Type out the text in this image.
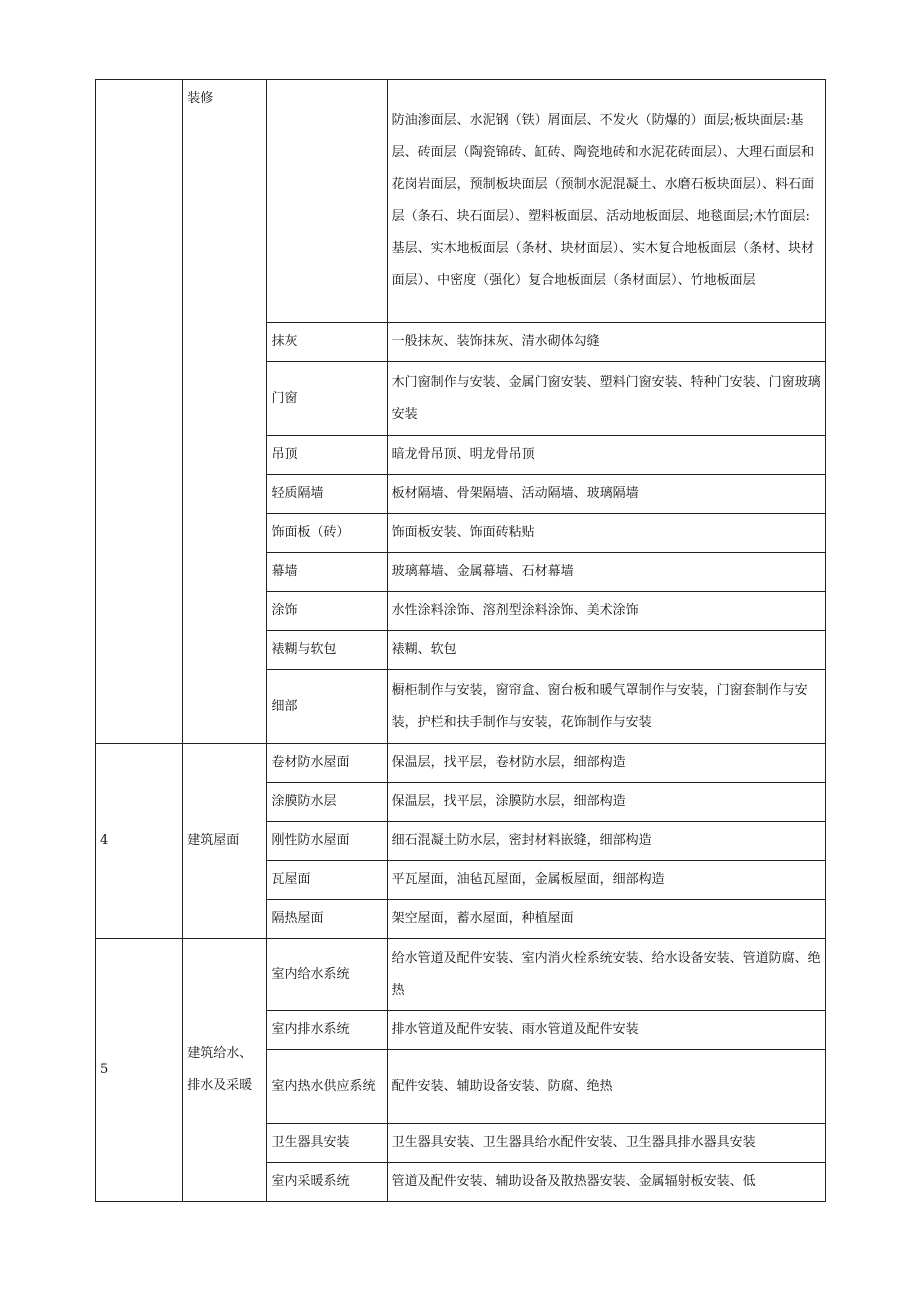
	装修		防油渗面层、水泥钢（铁）屑面层、不发火（防爆的）面层;板块面层:基层、砖面层（陶瓷锦砖、缸砖、陶瓷地砖和水泥花砖面层）、大理石面层和花岗岩面层，预制板块面层（预制水泥混凝土、水磨石板块面层）、料石面层（条石、块石面层）、塑料板面层、活动地板面层、地毯面层;木竹面层:基层、实木地板面层（条材、块材面层）、实木复合地板面层（条材、块材面层）、中密度（强化）复合地板面层（条材面层）、竹地板面层
		抹灰	一般抹灰、装饰抹灰、清水砌体勾缝
		门窗	木门窗制作与安装、金属门窗安装、塑料门窗安装、特种门安装、门窗玻璃安装
		吊顶	暗龙骨吊顶、明龙骨吊顶
		轻质隔墙	板材隔墙、骨架隔墙、活动隔墙、玻璃隔墙
		饰面板（砖）	饰面板安装、饰面砖粘贴
		幕墙	玻璃幕墙、金属幕墙、石材幕墙
		涂饰	水性涂料涂饰、溶剂型涂料涂饰、美术涂饰
		裱糊与软包	裱糊、软包
		细部	橱柜制作与安装，窗帘盒、窗台板和暖气罩制作与安装，门窗套制作与安装，护栏和扶手制作与安装，花饰制作与安装
4	建筑屋面	卷材防水屋面	保温层，找平层，卷材防水层，细部构造
		涂膜防水层	保温层，找平层，涂膜防水层，细部构造
		刚性防水屋面	细石混凝土防水层，密封材料嵌缝，细部构造
		瓦屋面	平瓦屋面，油毡瓦屋面，金属板屋面，细部构造
		隔热屋面	架空屋面，蓄水屋面，种植屋面
5	建筑给水、排水及采暖	室内给水系统	给水管道及配件安装、室内消火栓系统安装、给水设备安装、管道防腐、绝热
		室内排水系统	排水管道及配件安装、雨水管道及配件安装
		室内热水供应系统	配件安装、辅助设备安装、防腐、绝热
		卫生器具安装	卫生器具安装、卫生器具给水配件安装、卫生器具排水器具安装
		室内采暖系统	管道及配件安装、辅助设备及散热器安装、金属辐射板安装、低
